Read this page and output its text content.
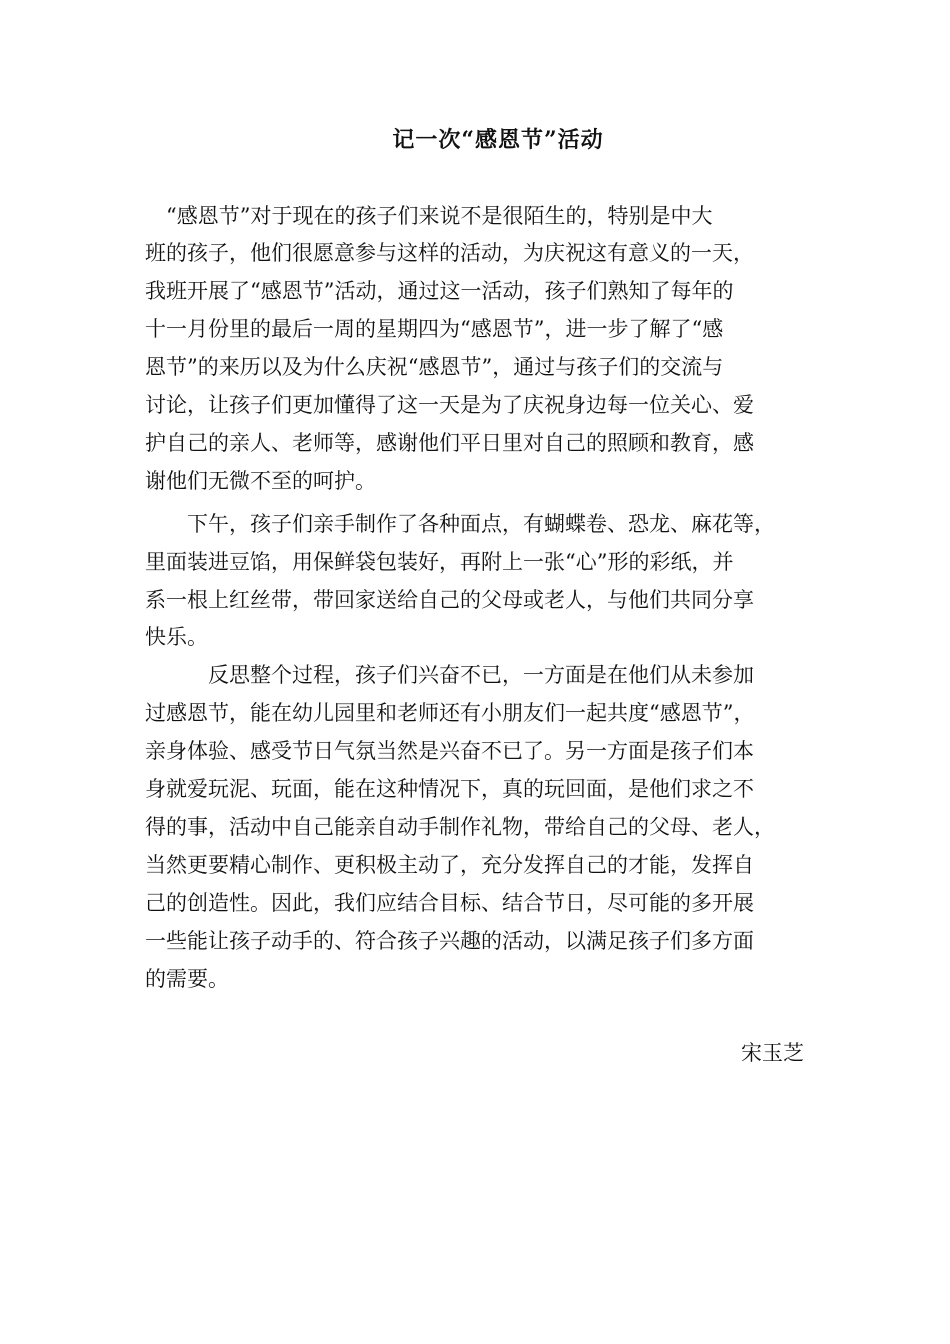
记一次“感恩节”活动
　“感恩节”对于现在的孩子们来说不是很陌生的，特别是中大
班的孩子，他们很愿意参与这样的活动，为庆祝这有意义的一天，
我班开展了“感恩节”活动，通过这一活动，孩子们熟知了每年的
十一月份里的最后一周的星期四为“感恩节”，进一步了解了“感
恩节”的来历以及为什么庆祝“感恩节”，通过与孩子们的交流与
讨论，让孩子们更加懂得了这一天是为了庆祝身边每一位关心、爱
护自己的亲人、老师等，感谢他们平日里对自己的照顾和教育，感
谢他们无微不至的呵护。
　　下午，孩子们亲手制作了各种面点，有蝴蝶卷、恐龙、麻花等，
里面装进豆馅，用保鲜袋包装好，再附上一张“心”形的彩纸，并
系一根上红丝带，带回家送给自己的父母或老人，与他们共同分享
快乐。
　　　反思整个过程，孩子们兴奋不已，一方面是在他们从未参加
过感恩节，能在幼儿园里和老师还有小朋友们一起共度“感恩节”，
亲身体验、感受节日气氛当然是兴奋不已了。另一方面是孩子们本
身就爱玩泥、玩面，能在这种情况下，真的玩回面，是他们求之不
得的事，活动中自己能亲自动手制作礼物，带给自己的父母、老人，
当然更要精心制作、更积极主动了，充分发挥自己的才能，发挥自
己的创造性。因此，我们应结合目标、结合节日，尽可能的多开展
一些能让孩子动手的、符合孩子兴趣的活动，以满足孩子们多方面
的需要。
宋玉芝
